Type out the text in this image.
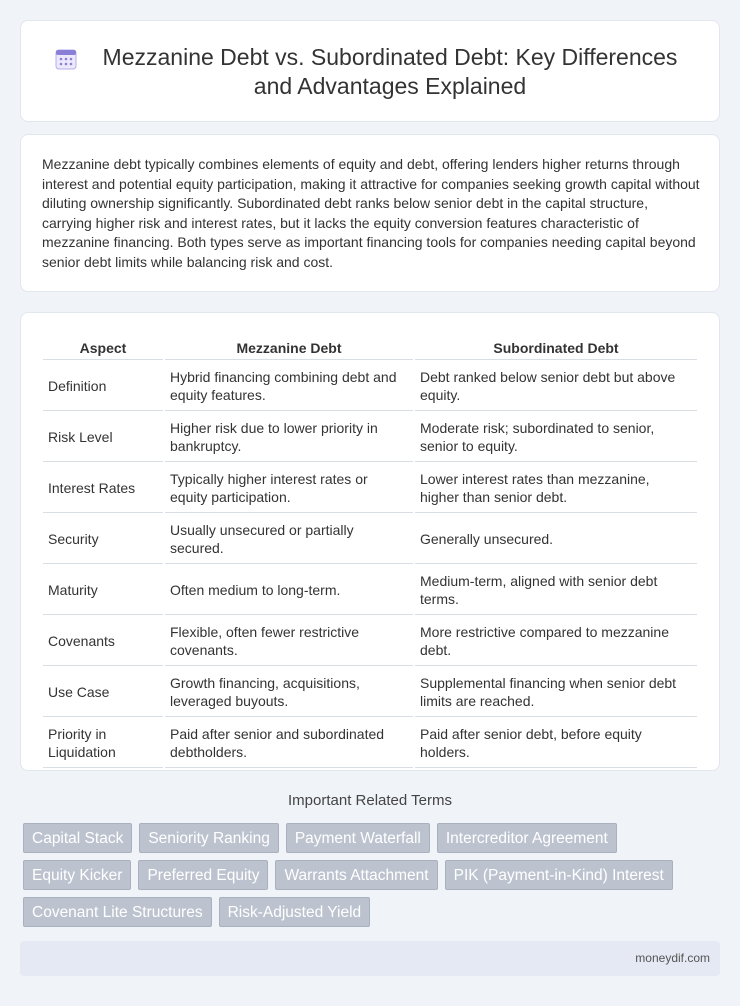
Mezzanine Debt vs. Subordinated Debt: Key Differences and Advantages Explained

Mezzanine debt typically combines elements of equity and debt, offering lenders higher returns through interest and potential equity participation, making it attractive for companies seeking growth capital without diluting ownership significantly. Subordinated debt ranks below senior debt in the capital structure, carrying higher risk and interest rates, but it lacks the equity conversion features characteristic of mezzanine financing. Both types serve as important financing tools for companies needing capital beyond senior debt limits while balancing risk and cost.

Aspect	Mezzanine Debt	Subordinated Debt
Definition	Hybrid financing combining debt and equity features.	Debt ranked below senior debt but above equity.
Risk Level	Higher risk due to lower priority in bankruptcy.	Moderate risk; subordinated to senior, senior to equity.
Interest Rates	Typically higher interest rates or equity participation.	Lower interest rates than mezzanine, higher than senior debt.
Security	Usually unsecured or partially secured.	Generally unsecured.
Maturity	Often medium to long-term.	Medium-term, aligned with senior debt terms.
Covenants	Flexible, often fewer restrictive covenants.	More restrictive compared to mezzanine debt.
Use Case	Growth financing, acquisitions, leveraged buyouts.	Supplemental financing when senior debt limits are reached.
Priority in Liquidation	Paid after senior and subordinated debtholders.	Paid after senior debt, before equity holders.
Important Related Terms
Capital Stack	Seniority Ranking	Payment Waterfall	Intercreditor Agreement
Equity Kicker	Preferred Equity	Warrants Attachment	PIK (Payment-in-Kind) Interest
Covenant Lite Structures	Risk-Adjusted Yield
moneydif.com
